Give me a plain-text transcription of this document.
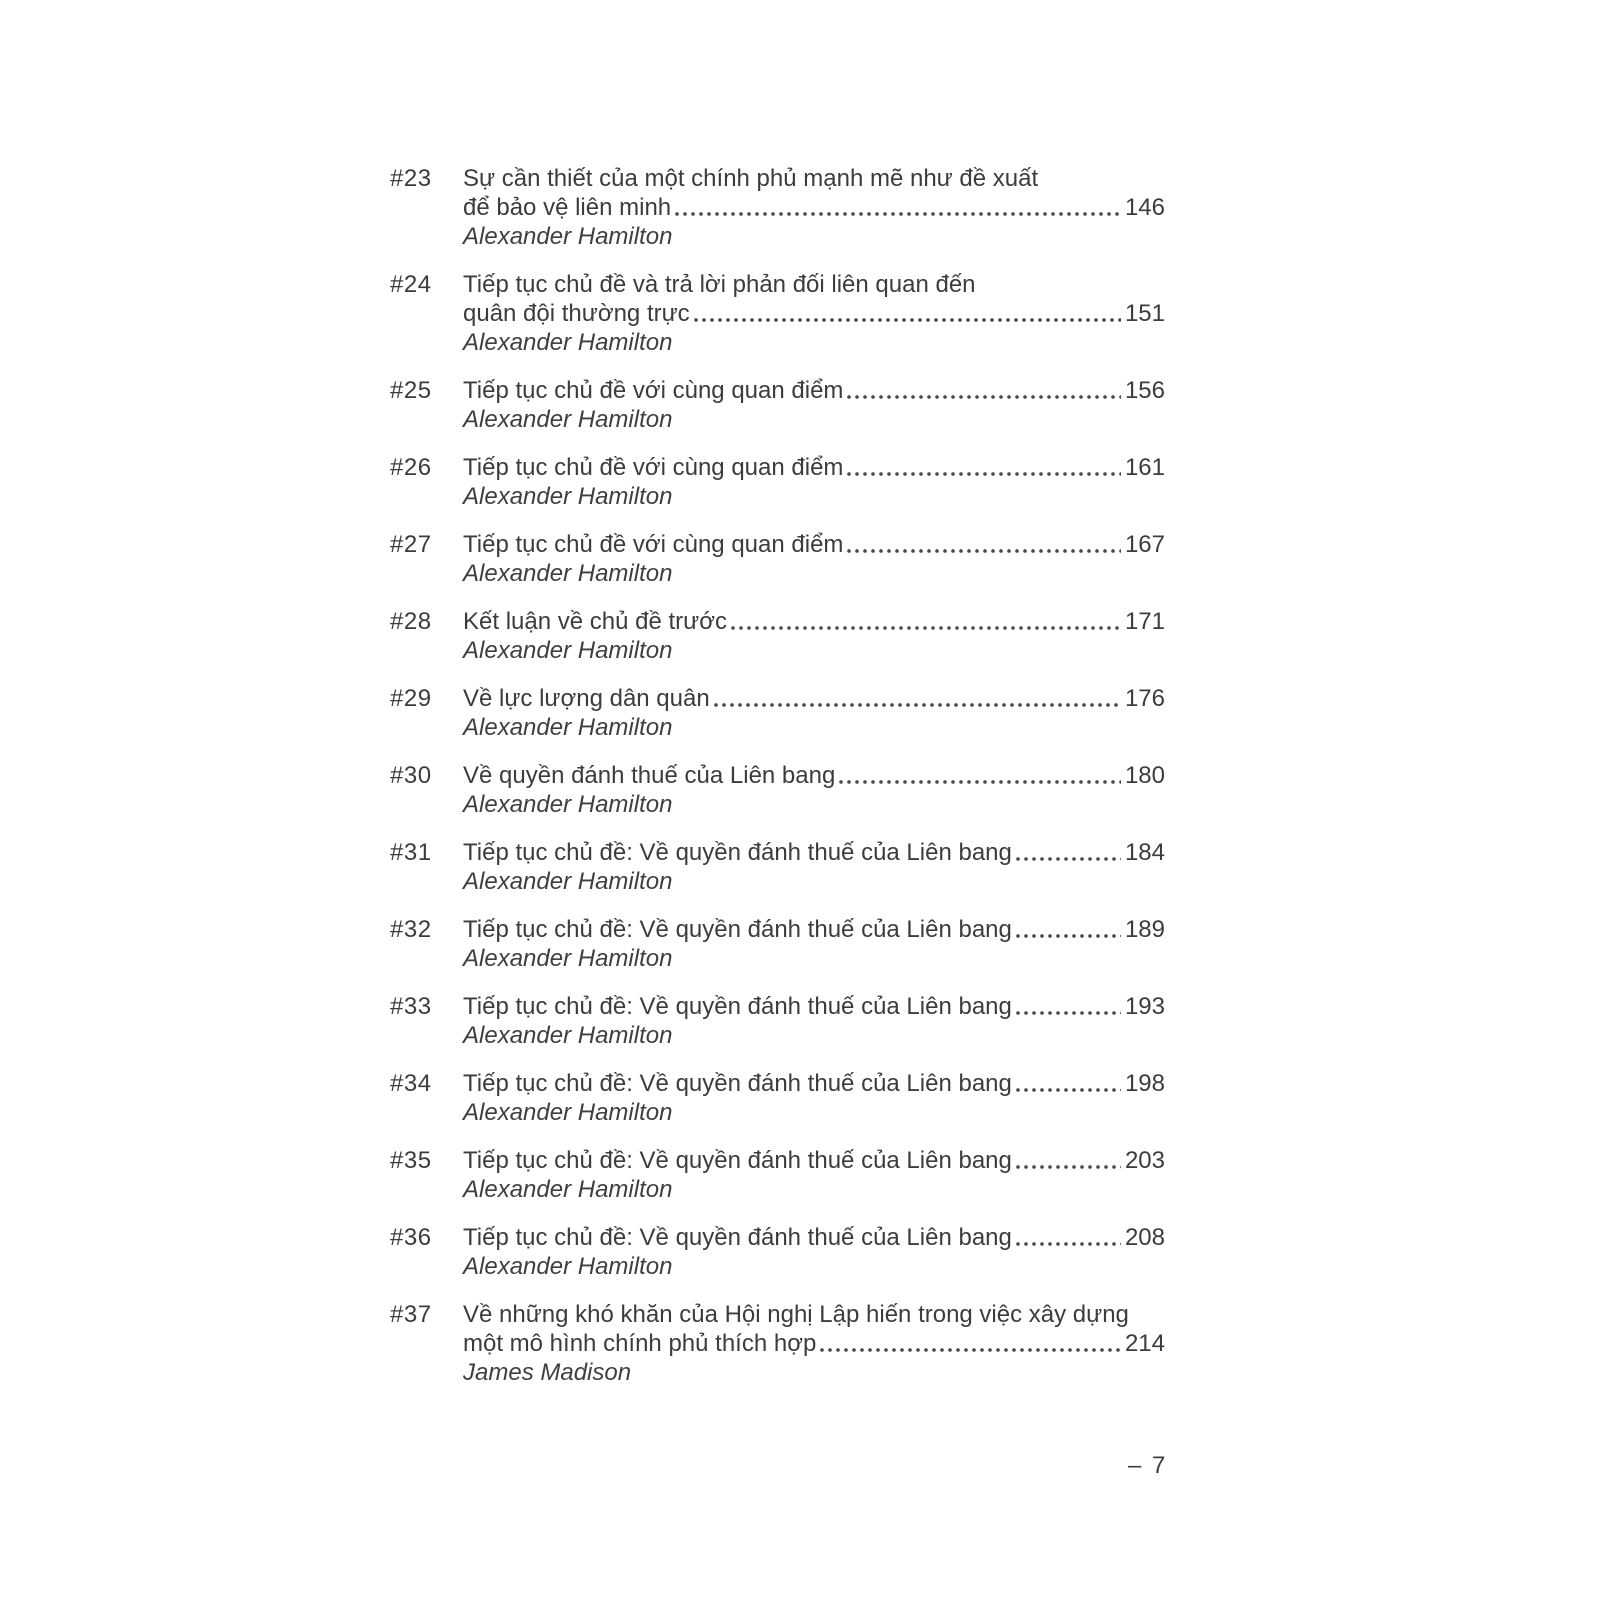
#23	Sự cần thiết của một chính phủ mạnh mẽ như đề xuất
để bảo vệ liên minh	146
Alexander Hamilton
#24	Tiếp tục chủ đề và trả lời phản đối liên quan đến
quân đội thường trực	151
Alexander Hamilton
#25	Tiếp tục chủ đề với cùng quan điểm	156
Alexander Hamilton
#26	Tiếp tục chủ đề với cùng quan điểm	161
Alexander Hamilton
#27	Tiếp tục chủ đề với cùng quan điểm	167
Alexander Hamilton
#28	Kết luận về chủ đề trước	171
Alexander Hamilton
#29	Về lực lượng dân quân	176
Alexander Hamilton
#30	Về quyền đánh thuế của Liên bang	180
Alexander Hamilton
#31	Tiếp tục chủ đề: Về quyền đánh thuế của Liên bang	184
Alexander Hamilton
#32	Tiếp tục chủ đề: Về quyền đánh thuế của Liên bang	189
Alexander Hamilton
#33	Tiếp tục chủ đề: Về quyền đánh thuế của Liên bang	193
Alexander Hamilton
#34	Tiếp tục chủ đề: Về quyền đánh thuế của Liên bang	198
Alexander Hamilton
#35	Tiếp tục chủ đề: Về quyền đánh thuế của Liên bang	203
Alexander Hamilton
#36	Tiếp tục chủ đề: Về quyền đánh thuế của Liên bang	208
Alexander Hamilton
#37	Về những khó khăn của Hội nghị Lập hiến trong việc xây dựng
một mô hình chính phủ thích hợp	214
James Madison
– 7
